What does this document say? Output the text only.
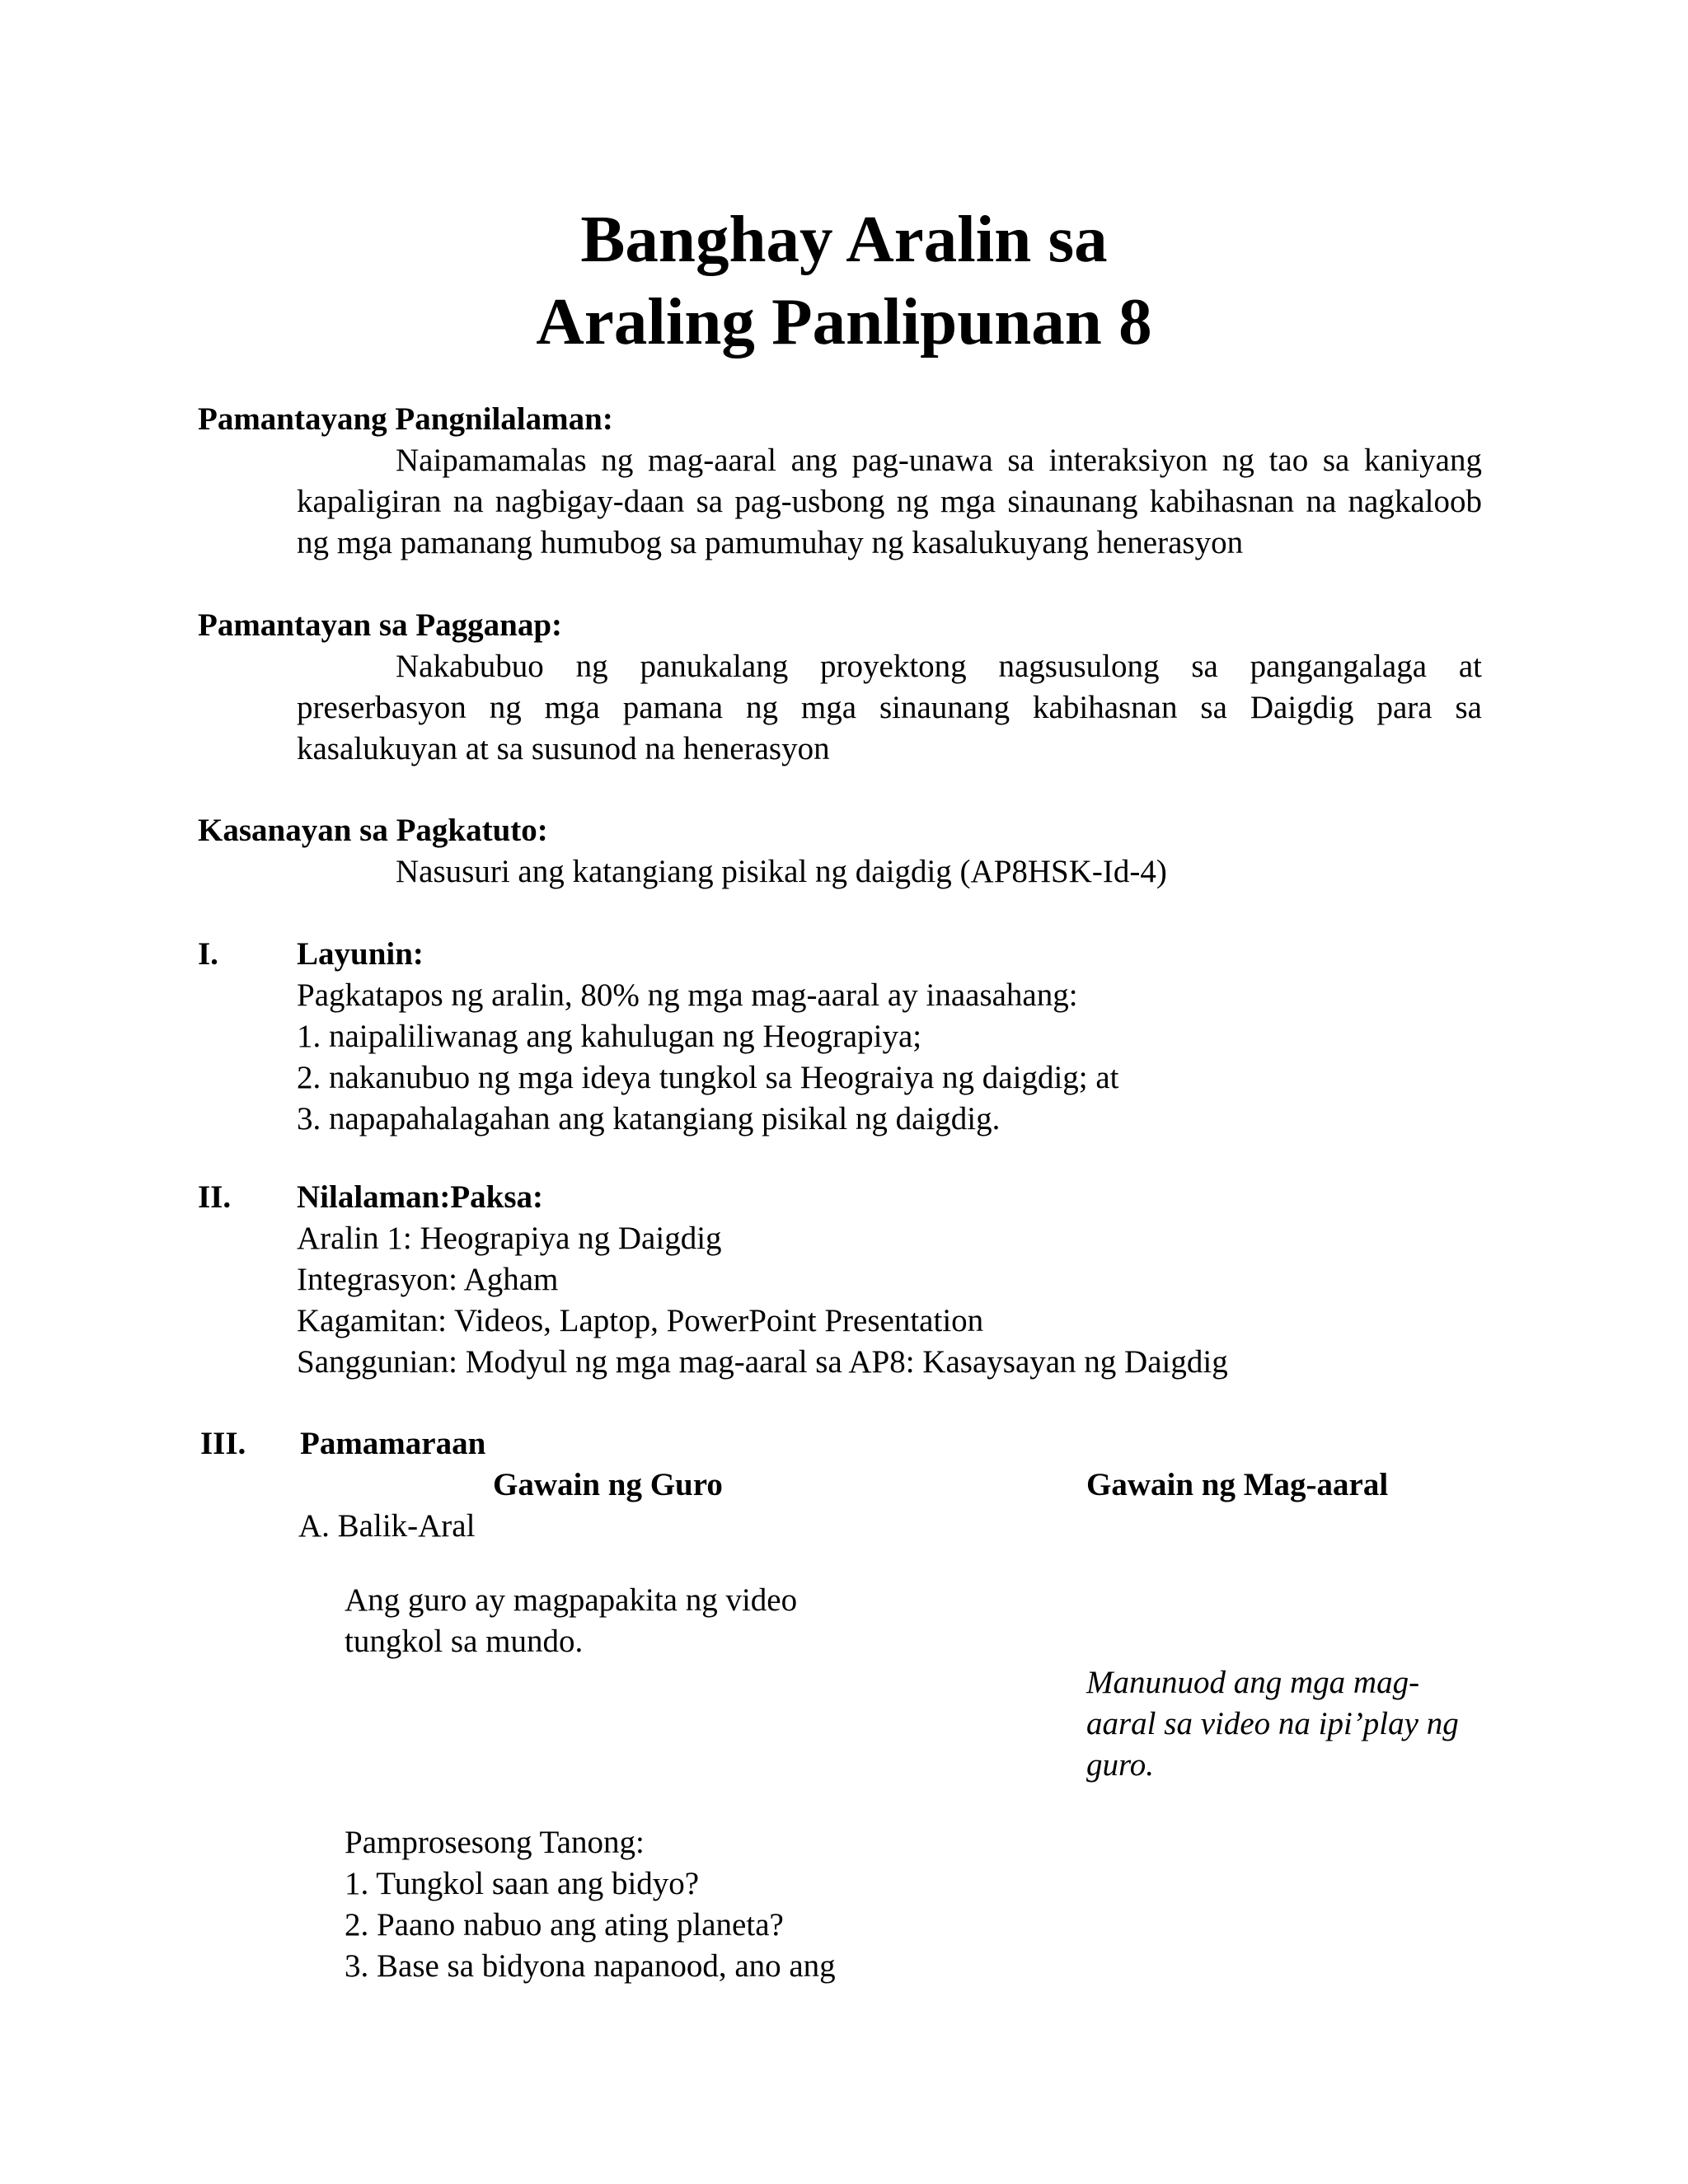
Banghay Aralin sa
Araling Panlipunan 8
Pamantayang Pangnilalaman:
Naipamamalas ng mag-aaral ang pag-unawa sa interaksiyon ng tao sa kaniyang
kapaligiran na nagbigay-daan sa pag-usbong ng mga sinaunang kabihasnan na nagkaloob
ng mga pamanang humubog sa pamumuhay ng kasalukuyang henerasyon
Pamantayan sa Pagganap:
Nakabubuo ng panukalang proyektong nagsusulong sa pangangalaga at
preserbasyon ng mga pamana ng mga sinaunang kabihasnan sa Daigdig para sa
kasalukuyan at sa susunod na henerasyon
Kasanayan sa Pagkatuto:
Nasusuri ang katangiang pisikal ng daigdig (AP8HSK-Id-4)
I. Layunin:
Pagkatapos ng aralin, 80% ng mga mag-aaral ay inaasahang:
1. naipaliliwanag ang kahulugan ng Heograpiya;
2. nakanubuo ng mga ideya tungkol sa Heograiya ng daigdig; at
3. napapahalagahan ang katangiang pisikal ng daigdig.
II. Nilalaman:Paksa:
Aralin 1: Heograpiya ng Daigdig
Integrasyon: Agham
Kagamitan: Videos, Laptop, PowerPoint Presentation
Sanggunian: Modyul ng mga mag-aaral sa AP8: Kasaysayan ng Daigdig
III. Pamamaraan
Gawain ng Guro	Gawain ng Mag-aaral
A. Balik-Aral
Ang guro ay magpapakita ng video
tungkol sa mundo.
Manunuod ang mga mag-
aaral sa video na ipi’play ng
guro.
Pamprosesong Tanong:
1. Tungkol saan ang bidyo?
2. Paano nabuo ang ating planeta?
3. Base sa bidyona napanood, ano ang
